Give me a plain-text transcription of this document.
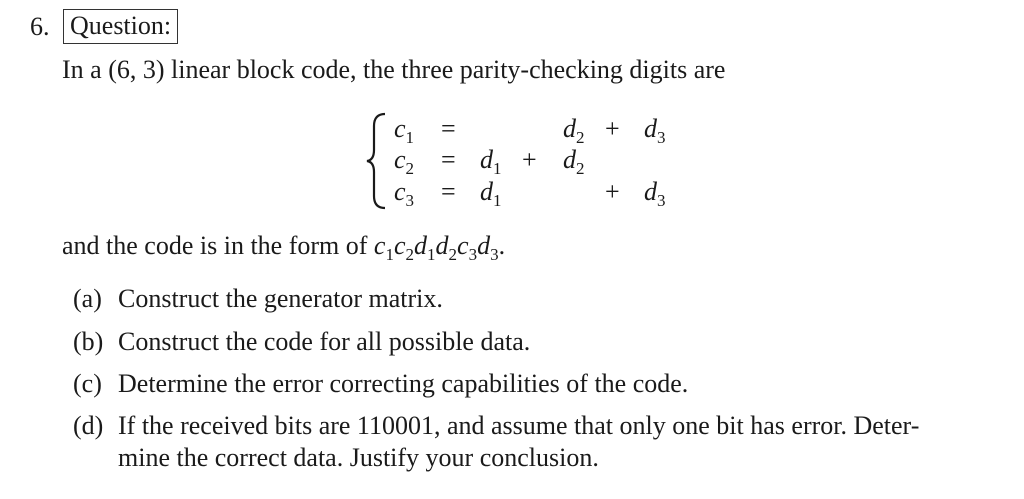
6. Question:
In a (6, 3) linear block code, the three parity-checking digits are
$c_1$ =	$d_2 + d_3$
$c_2 = d_1 + d_2$
$c_3 = d_1$	+ $d_3$
and the code is in the form of $c_1c_2d_1d_2c_3d_3$.
(a) Construct the generator matrix.
(b) Construct the code for all possible data.
(c) Determine the error correcting capabilities of the code.
(d) If the received bits are 110001, and assume that only one bit has error. Deter-
mine the correct data. Justify your conclusion.
